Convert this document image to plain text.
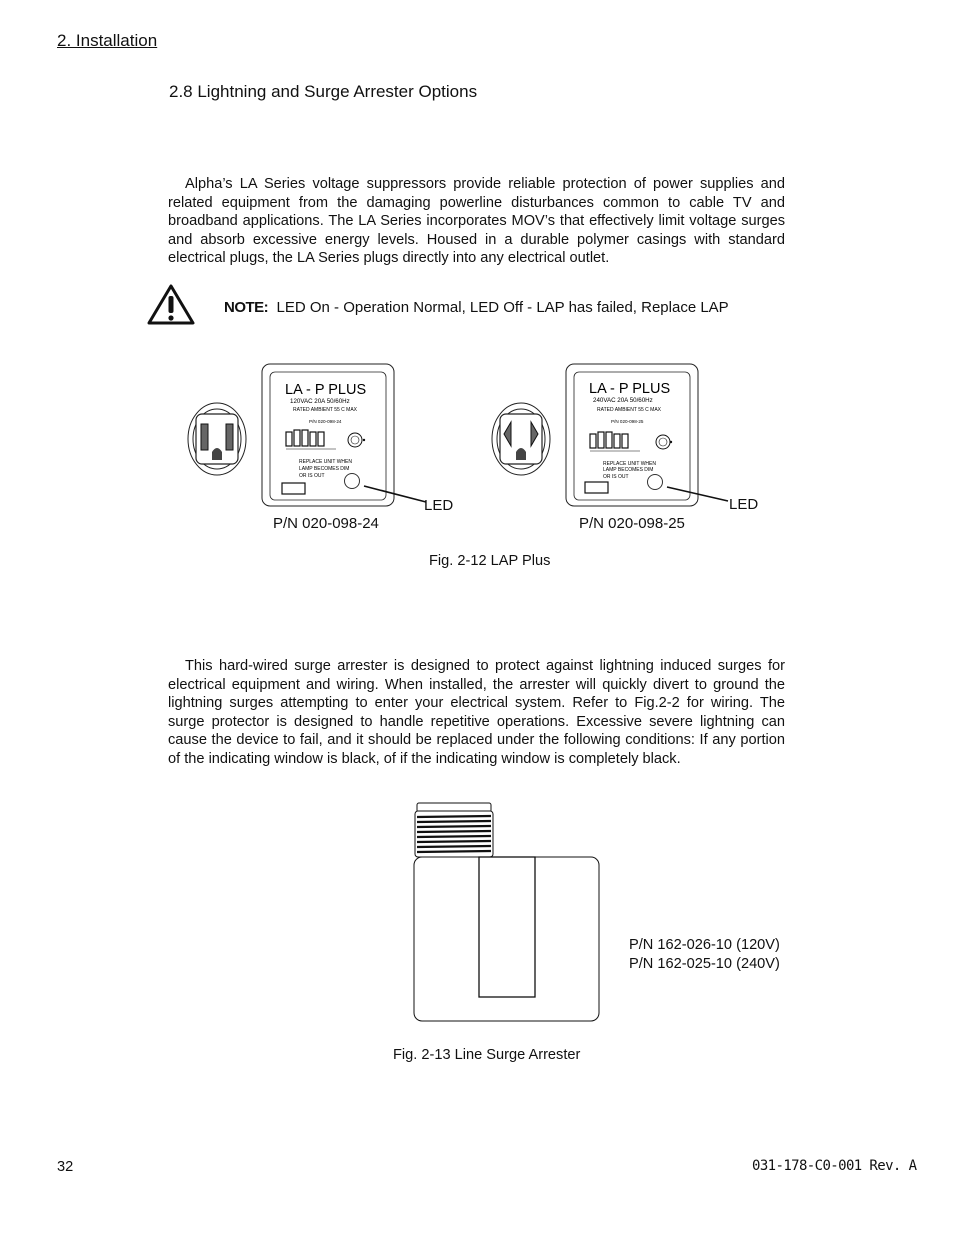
2. Installation
2.8 Lightning and Surge Arrester Options

Alpha’s LA Series voltage suppressors provide reliable protection of power supplies and related equipment from the damaging powerline disturbances common to cable TV and broadband applications. The LA Series incorporates MOV’s that effectively limit voltage surges and absorb excessive energy levels. Housed in a durable polymer casings with standard electrical plugs, the LA Series plugs directly into any electrical outlet.

NOTE: LED On - Operation Normal, LED Off - LAP has failed, Replace LAP
LA - P PLUS
120VAC 20A 50/60Hz
RATED AMBIENT 55 C MAX
P/N 020-098-24
REPLACE UNIT WHEN
LAMP BECOMES DIM
OR IS OUT
LA - P PLUS
240VAC 20A 50/60Hz
RATED AMBIENT 55 C MAX
P/N 020-098-25
REPLACE UNIT WHEN
LAMP BECOMES DIM
OR IS OUT
LED	LED
P/N 020-098-24	P/N 020-098-25
Fig. 2-12 LAP Plus

This hard-wired surge arrester is designed to protect against lightning induced surges for electrical equipment and wiring. When installed, the arrester will quickly divert to ground the lightning surges attempting to enter your electrical system. Refer to Fig.2-2 for wiring. The surge protector is designed to handle repetitive operations. Excessive severe lightning can cause the device to fail, and it should be replaced under the following conditions: If any portion of the indicating window is black, of if the indicating window is completely black.

P/N 162-026-10 (120V)
P/N 162-025-10 (240V)
Fig. 2-13 Line Surge Arrester
32	031-178-C0-001 Rev. A
